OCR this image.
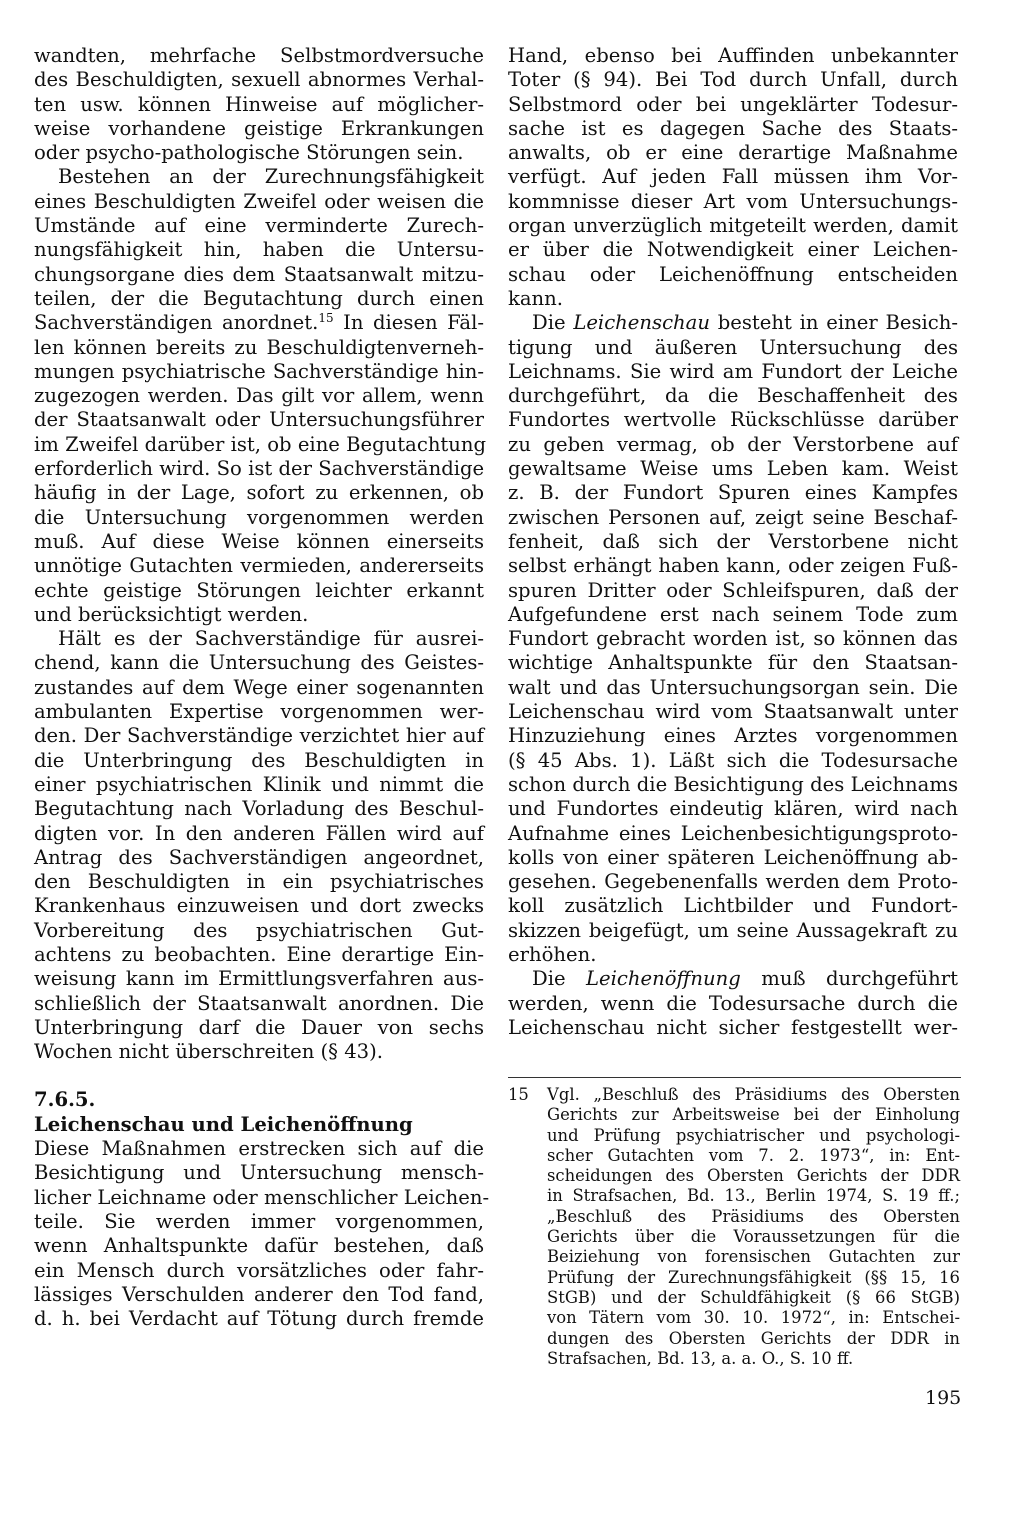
wandten, mehrfache Selbstmordversuche
des Beschuldigten, sexuell abnormes Verhal-
ten usw. können Hinweise auf möglicher-
weise vorhandene geistige Erkrankungen
oder psycho-pathologische Störungen sein.
Bestehen an der Zurechnungsfähigkeit
eines Beschuldigten Zweifel oder weisen die
Umstände auf eine verminderte Zurech-
nungsfähigkeit hin, haben die Untersu-
chungsorgane dies dem Staatsanwalt mitzu-
teilen, der die Begutachtung durch einen
Sachverständigen anordnet.$^{15}$ In diesen Fäl-
len können bereits zu Beschuldigtenverneh-
mungen psychiatrische Sachverständige hin-
zugezogen werden. Das gilt vor allem, wenn
der Staatsanwalt oder Untersuchungsführer
im Zweifel darüber ist, ob eine Begutachtung
erforderlich wird. So ist der Sachverständige
häufig in der Lage, sofort zu erkennen, ob
die Untersuchung vorgenommen werden
muß. Auf diese Weise können einerseits
unnötige Gutachten vermieden, andererseits
echte geistige Störungen leichter erkannt
und berücksichtigt werden.
Hält es der Sachverständige für ausrei-
chend, kann die Untersuchung des Geistes-
zustandes auf dem Wege einer sogenannten
ambulanten Expertise vorgenommen wer-
den. Der Sachverständige verzichtet hier auf
die Unterbringung des Beschuldigten in
einer psychiatrischen Klinik und nimmt die
Begutachtung nach Vorladung des Beschul-
digten vor. In den anderen Fällen wird auf
Antrag des Sachverständigen angeordnet,
den Beschuldigten in ein psychiatrisches
Krankenhaus einzuweisen und dort zwecks
Vorbereitung des psychiatrischen Gut-
achtens zu beobachten. Eine derartige Ein-
weisung kann im Ermittlungsverfahren aus-
schließlich der Staatsanwalt anordnen. Die
Unterbringung darf die Dauer von sechs
Wochen nicht überschreiten (§ 43).
7.6.5.
Leichenschau und Leichenöffnung
Diese Maßnahmen erstrecken sich auf die
Besichtigung und Untersuchung mensch-
licher Leichname oder menschlicher Leichen-
teile. Sie werden immer vorgenommen,
wenn Anhaltspunkte dafür bestehen, daß
ein Mensch durch vorsätzliches oder fahr-
lässiges Verschulden anderer den Tod fand,
d. h. bei Verdacht auf Tötung durch fremde
Hand, ebenso bei Auffinden unbekannter
Toter (§ 94). Bei Tod durch Unfall, durch
Selbstmord oder bei ungeklärter Todesur-
sache ist es dagegen Sache des Staats-
anwalts, ob er eine derartige Maßnahme
verfügt. Auf jeden Fall müssen ihm Vor-
kommnisse dieser Art vom Untersuchungs-
organ unverzüglich mitgeteilt werden, damit
er über die Notwendigkeit einer Leichen-
schau oder Leichenöffnung entscheiden
kann.
Die Leichenschau besteht in einer Besich-
tigung und äußeren Untersuchung des
Leichnams. Sie wird am Fundort der Leiche
durchgeführt, da die Beschaffenheit des
Fundortes wertvolle Rückschlüsse darüber
zu geben vermag, ob der Verstorbene auf
gewaltsame Weise ums Leben kam. Weist
z. B. der Fundort Spuren eines Kampfes
zwischen Personen auf, zeigt seine Beschaf-
fenheit, daß sich der Verstorbene nicht
selbst erhängt haben kann, oder zeigen Fuß-
spuren Dritter oder Schleifspuren, daß der
Aufgefundene erst nach seinem Tode zum
Fundort gebracht worden ist, so können das
wichtige Anhaltspunkte für den Staatsan-
walt und das Untersuchungsorgan sein. Die
Leichenschau wird vom Staatsanwalt unter
Hinzuziehung eines Arztes vorgenommen
(§ 45 Abs. 1). Läßt sich die Todesursache
schon durch die Besichtigung des Leichnams
und Fundortes eindeutig klären, wird nach
Aufnahme eines Leichenbesichtigungsproto-
kolls von einer späteren Leichenöffnung ab-
gesehen. Gegebenenfalls werden dem Proto-
koll zusätzlich Lichtbilder und Fundort-
skizzen beigefügt, um seine Aussagekraft zu
erhöhen.
Die Leichenöffnung muß durchgeführt
werden, wenn die Todesursache durch die
Leichenschau nicht sicher festgestellt wer-
15	Vgl. „Beschluß des Präsidiums des Obersten
Gerichts zur Arbeitsweise bei der Einholung
und Prüfung psychiatrischer und psychologi-
scher Gutachten vom 7. 2. 1973“, in: Ent-
scheidungen des Obersten Gerichts der DDR
in Strafsachen, Bd. 13., Berlin 1974, S. 19 ff.;
„Beschluß des Präsidiums des Obersten
Gerichts über die Voraussetzungen für die
Beiziehung von forensischen Gutachten zur
Prüfung der Zurechnungsfähigkeit (§§ 15, 16
StGB) und der Schuldfähigkeit (§ 66 StGB)
von Tätern vom 30. 10. 1972“, in: Entschei-
dungen des Obersten Gerichts der DDR in
Strafsachen, Bd. 13, a. a. O., S. 10 ff.
195
